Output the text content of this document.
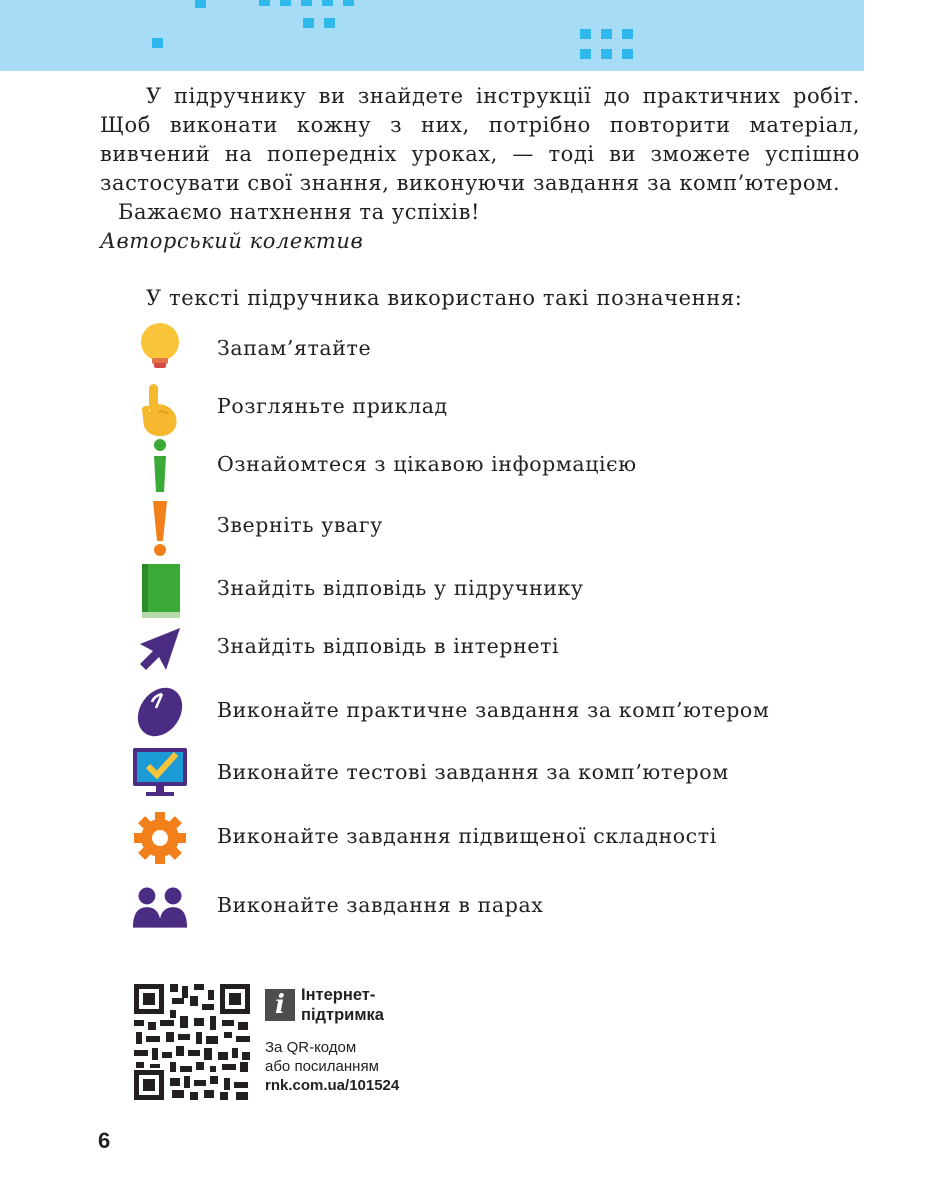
У підручнику ви знайдете інструкції до практичних робіт. Щоб виконати кожну з них, потрібно повторити матеріал, вивчений на попередніх уроках, — тоді ви зможете успішно застосувати свої знання, виконуючи завдання за комп’ютером.

Бажаємо натхнення та успіхів!

Авторський колектив

У тексті підручника використано такі позначення:

Запам’ятайте
Розгляньте приклад
Ознайомтеся з цікавою інформацією
Зверніть увагу
Знайдіть відповідь у підручнику
Знайдіть відповідь в інтернеті
Виконайте практичне завдання за комп’ютером
Виконайте тестові завдання за комп’ютером
Виконайте завдання підвищеної складності
Виконайте завдання в парах
i Інтернет-підтримка
За QR-кодом
або посиланням
rnk.com.ua/101524
6
